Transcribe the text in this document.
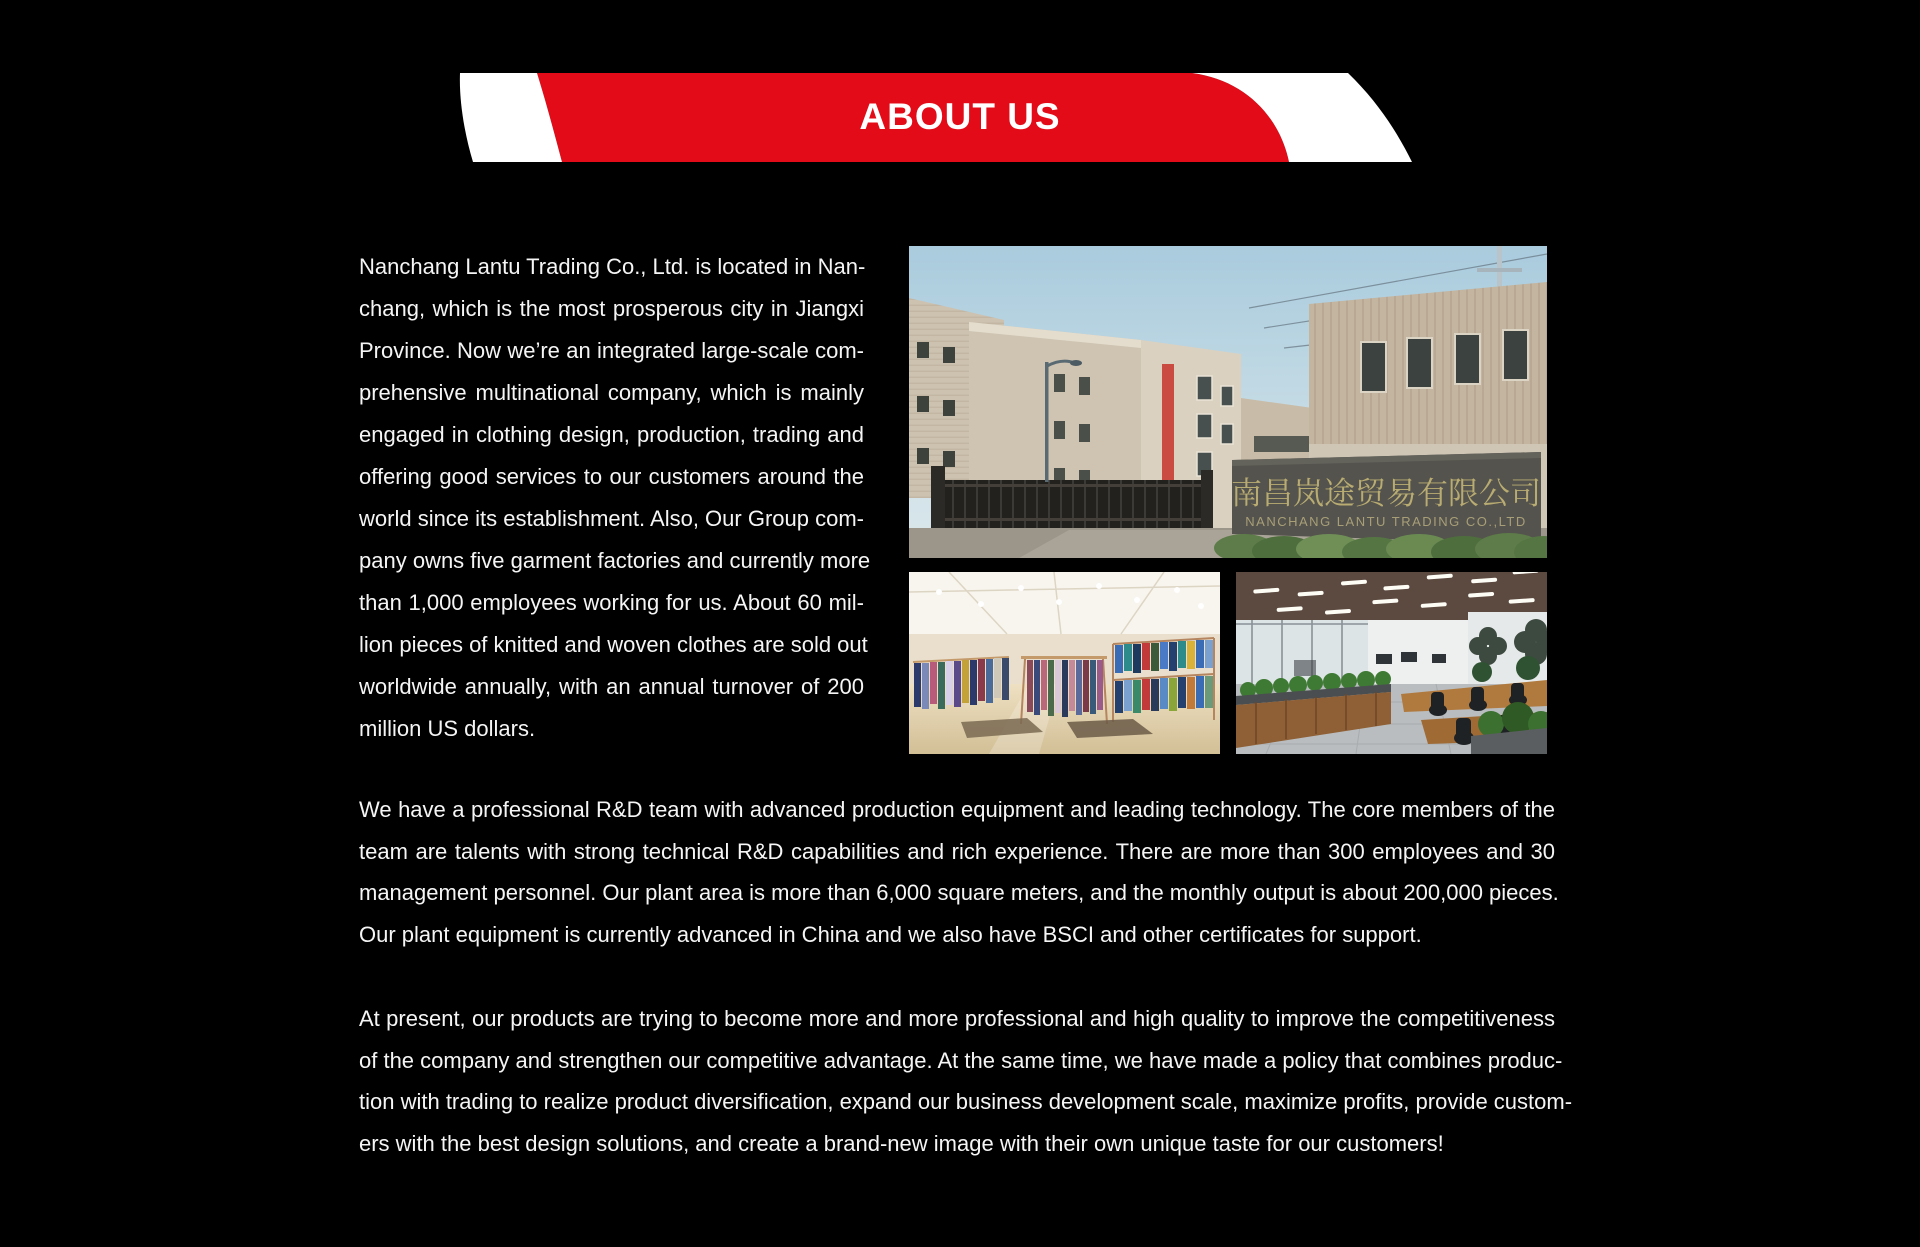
ABOUT US
Nanchang Lantu Trading Co., Ltd. is located in Nan-
chang, which is the most prosperous city in Jiangxi
Province. Now we’re an integrated large-scale com-
prehensive multinational company, which is mainly
engaged in clothing design, production, trading and
offering good services to our customers around the
world since its establishment. Also, Our Group com-
pany owns five garment factories and currently more
than 1,000 employees working for us. About 60 mil-
lion pieces of knitted and woven clothes are sold out
worldwide annually, with an annual turnover of 200
million US dollars.
南昌岚途贸易有限公司
NANCHANG LANTU TRADING CO.,LTD
We have a professional R&D team with advanced production equipment and leading technology. The core members of the
team are talents with strong technical R&D capabilities and rich experience. There are more than 300 employees and 30
management personnel. Our plant area is more than 6,000 square meters, and the monthly output is about 200,000 pieces.
Our plant equipment is currently advanced in China and we also have BSCI and other certificates for support.
At present, our products are trying to become more and more professional and high quality to improve the competitiveness
of the company and strengthen our competitive advantage. At the same time, we have made a policy that combines produc-
tion with trading to realize product diversification, expand our business development scale, maximize profits, provide custom-
ers with the best design solutions, and create a brand-new image with their own unique taste for our customers!
